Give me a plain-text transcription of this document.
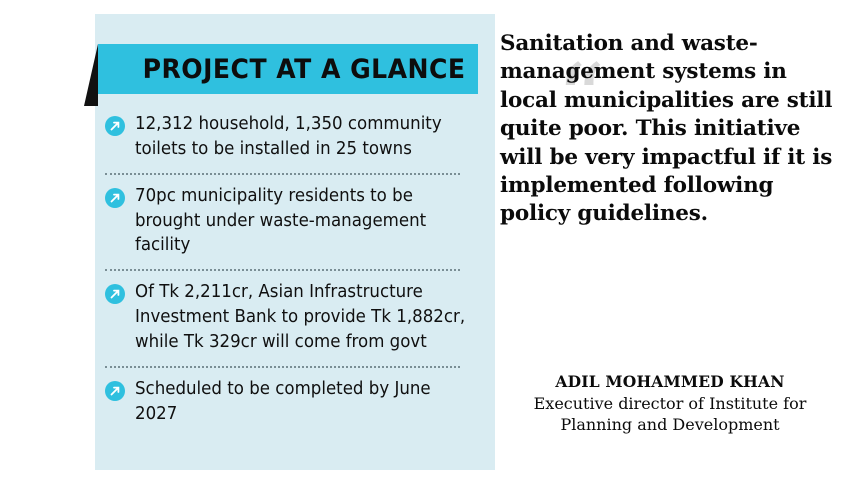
PROJECT AT A GLANCE
12,312 household, 1,350 community toilets to be installed in 25 towns
70pc municipality residents to be brought under waste-management facility
Of Tk 2,211cr, Asian Infrastructure Investment Bank to provide Tk 1,882cr, while Tk 329cr will come from govt
Scheduled to be completed by June 2027
“
Sanitation and waste-management systems in local municipalities are still quite poor. This initiative will be very impactful if it is implemented following policy guidelines.
ADIL MOHAMMED KHAN
Executive director of Institute for Planning and Development
